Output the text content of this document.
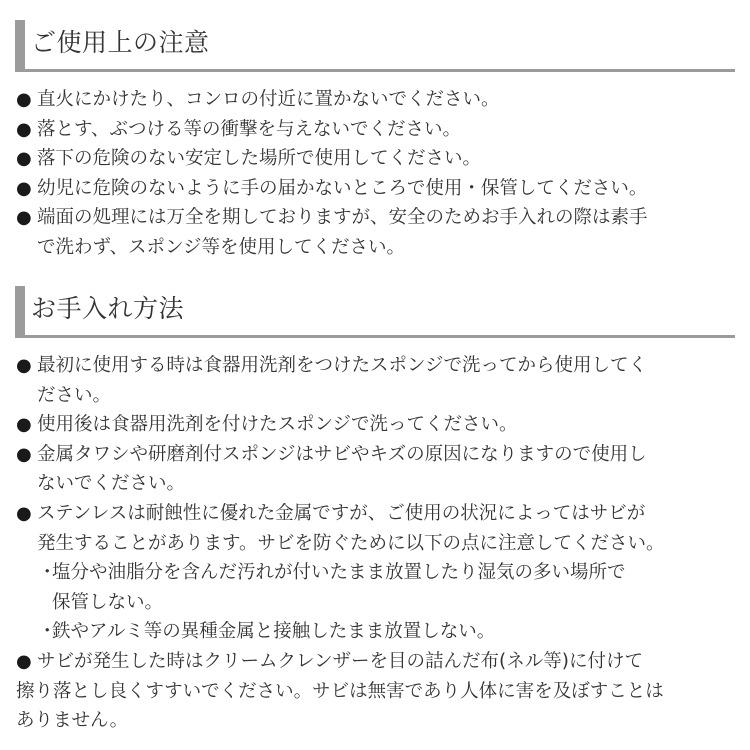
ご使用上の注意
● 直火にかけたり、コンロの付近に置かないでください。
● 落とす、ぶつける等の衝撃を与えないでください。
● 落下の危険のない安定した場所で使用してください。
● 幼児に危険のないように手の届かないところで使用・保管してください。
● 端面の処理には万全を期しておりますが、安全のためお手入れの際は素手
で洗わず、スポンジ等を使用してください。
お手入れ方法
● 最初に使用する時は食器用洗剤をつけたスポンジで洗ってから使用してく
ださい。
● 使用後は食器用洗剤を付けたスポンジで洗ってください。
● 金属タワシや研磨剤付スポンジはサビやキズの原因になりますので使用し
ないでください。
● ステンレスは耐蝕性に優れた金属ですが、ご使用の状況によってはサビが
発生することがあります。サビを防ぐために以下の点に注意してください。
・塩分や油脂分を含んだ汚れが付いたまま放置したり湿気の多い場所で
保管しない。
・鉄やアルミ等の異種金属と接触したまま放置しない。
● サビが発生した時はクリームクレンザーを目の詰んだ布(ネル等)に付けて
擦り落とし良くすすいでください。サビは無害であり人体に害を及ぼすことは
ありません。
